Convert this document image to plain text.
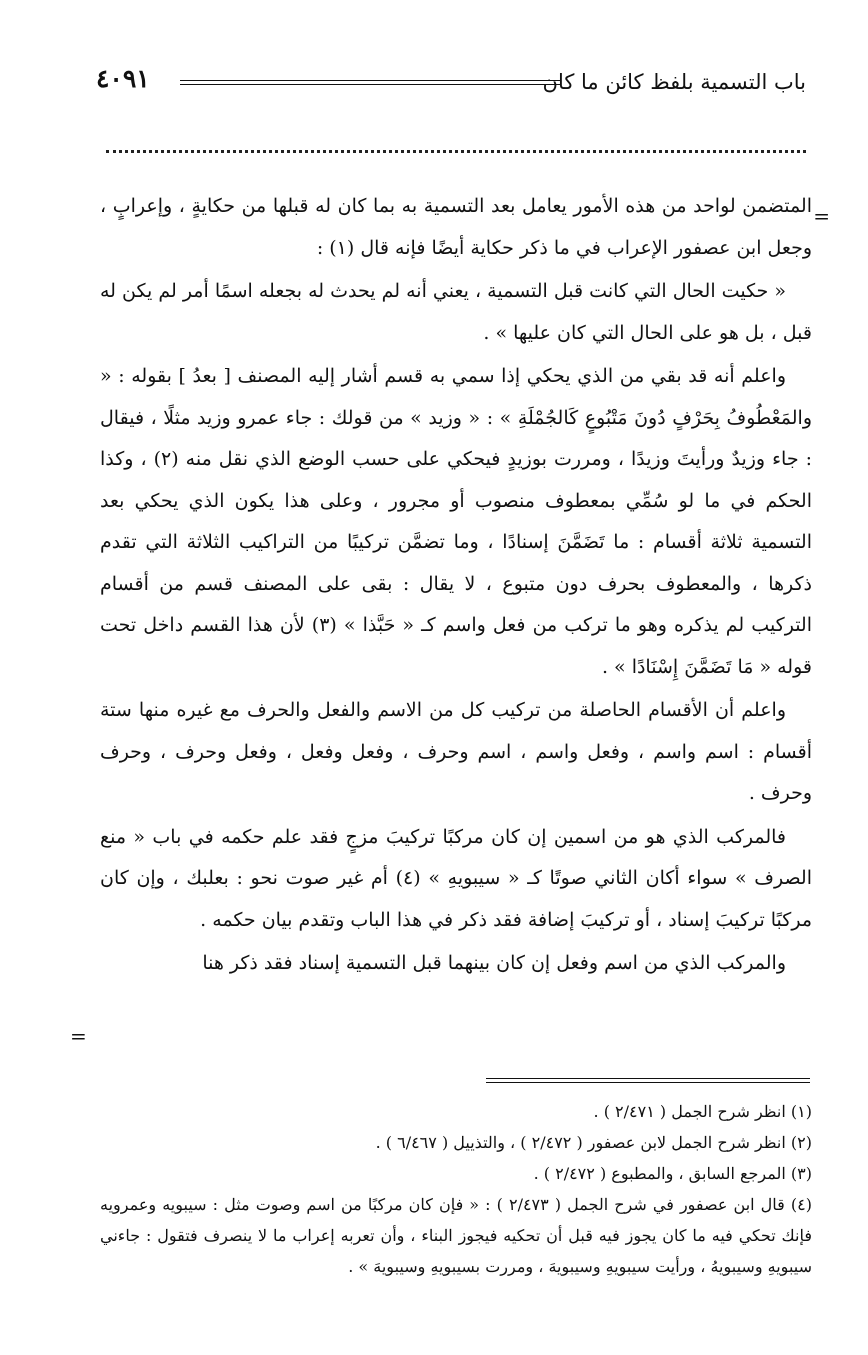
باب التسمية بلفظ كائن ما كان
٤٠٩١
=

المتضمن لواحد من هذه الأمور يعامل بعد التسمية به بما كان له قبلها من حكايةٍ ، وإعرابٍ ، وجعل ابن عصفور الإعراب في ما ذكر حكاية أيضًا فإنه قال (١) :

« حكيت الحال التي كانت قبل التسمية ، يعني أنه لم يحدث له بجعله اسمًا أمر لم يكن له قبل ، بل هو على الحال التي كان عليها » .

واعلم أنه قد بقي من الذي يحكي إذا سمي به قسم أشار إليه المصنف [ بعدُ ] بقوله : « والمَعْطُوفُ بِحَرْفٍ دُونَ مَتْبُوعٍ كَالجُمْلَةِ » : « وزيد » من قولك : جاء عمرو وزيد مثلًا ، فيقال : جاء وزيدٌ ورأيتَ وزيدًا ، ومررت بوزيدٍ فيحكي على حسب الوضع الذي نقل منه (٢) ، وكذا الحكم في ما لو سُمِّي بمعطوف منصوب أو مجرور ، وعلى هذا يكون الذي يحكي بعد التسمية ثلاثة أقسام : ما تَضَمَّنَ إسنادًا ، وما تضمَّن تركيبًا من التراكيب الثلاثة التي تقدم ذكرها ، والمعطوف بحرف دون متبوع ، لا يقال : بقى على المصنف قسم من أقسام التركيب لم يذكره وهو ما تركب من فعل واسم كـ « حَبَّذا » (٣) لأن هذا القسم داخل تحت قوله « مَا تَضَمَّنَ إِسْنَادًا » .

واعلم أن الأقسام الحاصلة من تركيب كل من الاسم والفعل والحرف مع غيره منها ستة أقسام : اسم واسم ، وفعل واسم ، اسم وحرف ، وفعل وفعل ، وفعل وحرف ، وحرف وحرف .

فالمركب الذي هو من اسمين إن كان مركبًا تركيبَ مزجٍ فقد علم حكمه في باب « منع الصرف » سواء أكان الثاني صوتًا كـ « سيبويهِ » (٤) أم غير صوت نحو : بعلبك ، وإن كان مركبًا تركيبَ إسناد ، أو تركيبَ إضافة فقد ذكر في هذا الباب وتقدم بيان حكمه .

والمركب الذي من اسم وفعل إن كان بينهما قبل التسمية إسناد فقد ذكر هنا

=

(١) انظر شرح الجمل ( ٢/٤٧١ ) .

(٢) انظر شرح الجمل لابن عصفور ( ٢/٤٧٢ ) ، والتذييل ( ٦/٤٦٧ ) .

(٣) المرجع السابق ، والمطبوع ( ٢/٤٧٢ ) .

(٤) قال ابن عصفور في شرح الجمل ( ٢/٤٧٣ ) : « فإن كان مركبًا من اسم وصوت مثل : سيبويه وعمرويه فإنك تحكي فيه ما كان يجوز فيه قبل أن تحكيه فيجوز البناء ، وأن تعربه إعراب ما لا ينصرف فتقول : جاءني سيبويهِ وسيبويهُ ، ورأيت سيبويهِ وسيبويهَ ، ومررت بسيبويهِ وسيبويهَ » .
